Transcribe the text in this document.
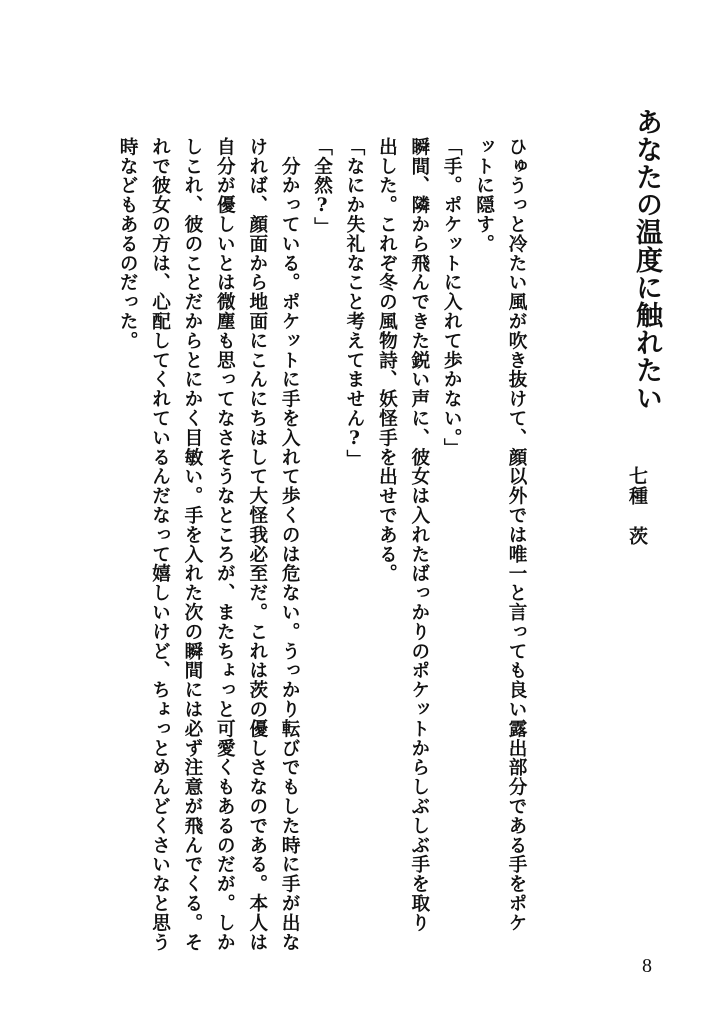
あなたの温度に触れたい
七種　茨
ひゅうっと冷たい風が吹き抜けて、顔以外では唯一と言っても良い露出部分である手をポケ
ットに隠す。
「手。ポケットに入れて歩かない。」
瞬間、隣から飛んできた鋭い声に、彼女は入れたばっかりのポケットからしぶしぶ手を取り
出した。これぞ冬の風物詩、妖怪手を出せである。
「なにか失礼なこと考えてません?」
「全然?」
　分かっている。ポケットに手を入れて歩くのは危ない。うっかり転びでもした時に手が出な
ければ、顔面から地面にこんにちはして大怪我必至だ。これは茨の優しさなのである。本人は
自分が優しいとは微塵も思ってなさそうなところが、またちょっと可愛くもあるのだが。しか
しこれ、彼のことだからとにかく目敏い。手を入れた次の瞬間には必ず注意が飛んでくる。そ
れで彼女の方は、心配してくれているんだなって嬉しいけど、ちょっとめんどくさいなと思う
時などもあるのだった。
8
